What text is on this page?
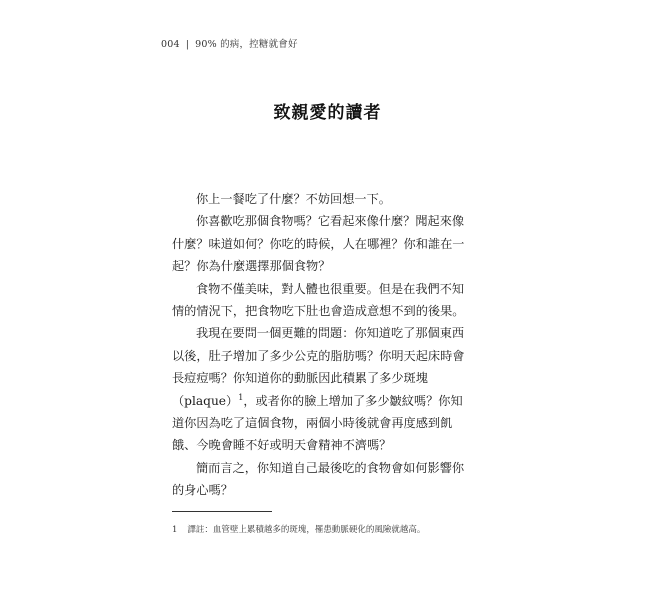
004 | 90% 的病，控糖就會好
致親愛的讀者

你上一餐吃了什麼？不妨回想一下。

你喜歡吃那個食物嗎？它看起來像什麼？聞起來像什麼？味道如何？你吃的時候，人在哪裡？你和誰在一起？你為什麼選擇那個食物？

食物不僅美味，對人體也很重要。但是在我們不知情的情況下，把食物吃下肚也會造成意想不到的後果。

我現在要問一個更難的問題：你知道吃了那個東西以後，肚子增加了多少公克的脂肪嗎？你明天起床時會長痘痘嗎？你知道你的動脈因此積累了多少斑塊（plaque）$^1$，或者你的臉上增加了多少皺紋嗎？你知道你因為吃了這個食物，兩個小時後就會再度感到飢餓、今晚會睡不好或明天會精神不濟嗎？

簡而言之，你知道自己最後吃的食物會如何影響你的身心嗎？

1 譯註：血管壁上累積越多的斑塊，罹患動脈硬化的風險就越高。
